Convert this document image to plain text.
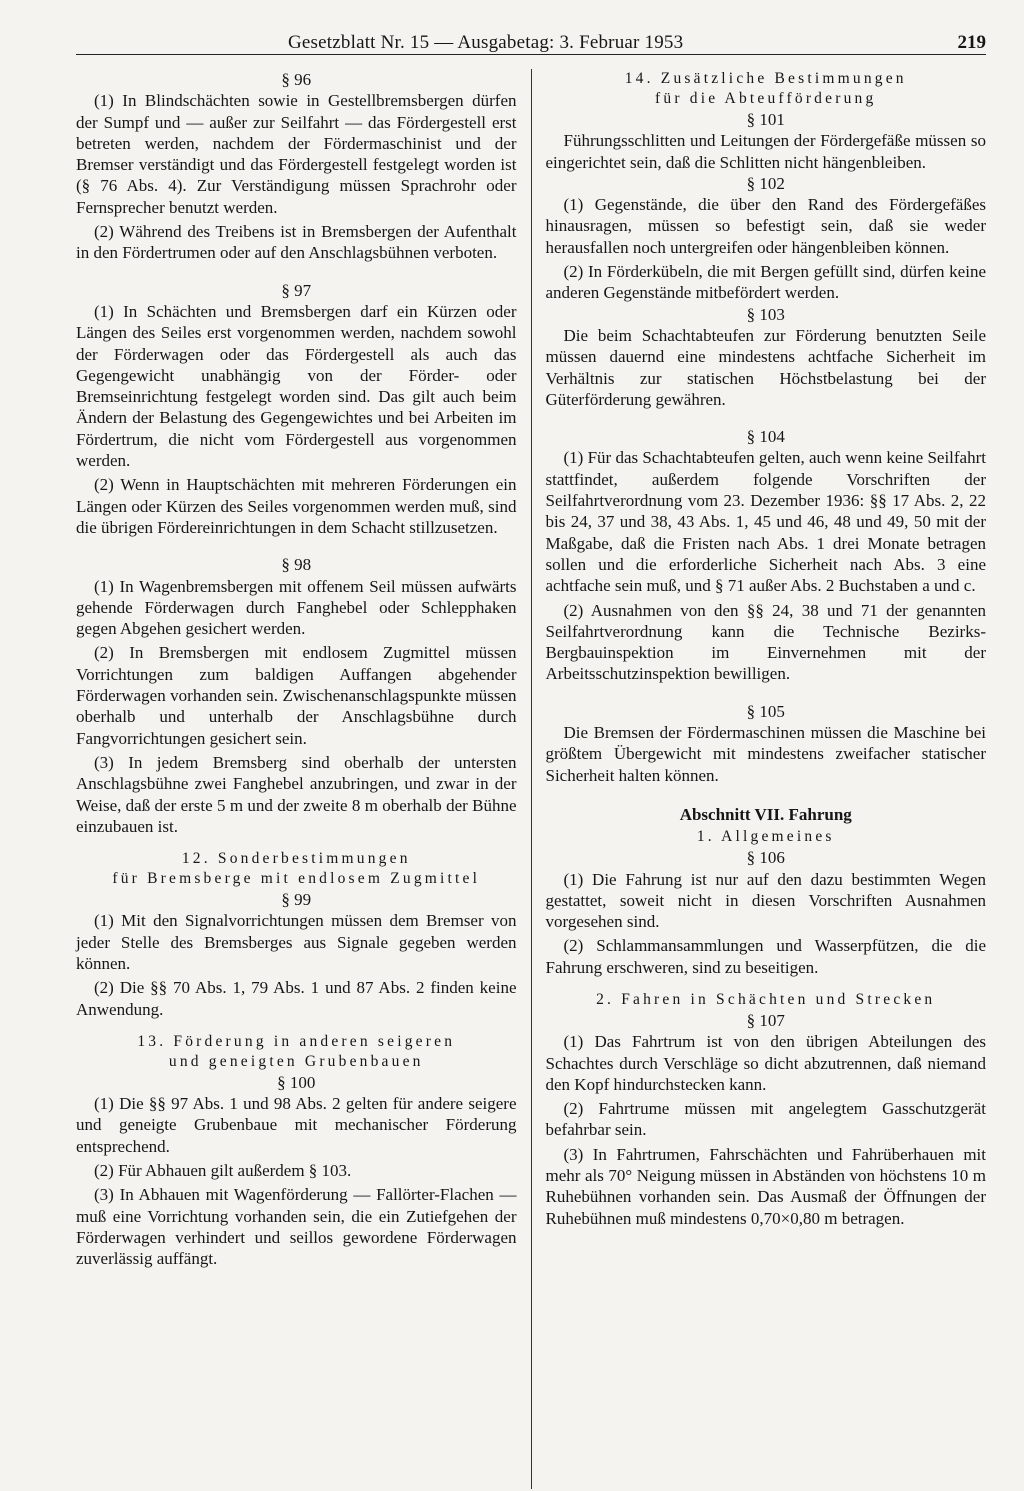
Gesetzblatt Nr. 15 — Ausgabetag: 3. Februar 1953	219
§ 96

(1) In Blindschächten sowie in Gestellbremsbergen dürfen der Sumpf und — außer zur Seilfahrt — das Fördergestell erst betreten werden, nachdem der Fördermaschinist und der Bremser verständigt und das Fördergestell festgelegt worden ist (§ 76 Abs. 4). Zur Verständigung müssen Sprachrohr oder Fernsprecher benutzt werden.

(2) Während des Treibens ist in Bremsbergen der Aufenthalt in den Fördertrumen oder auf den Anschlagsbühnen verboten.

§ 97

(1) In Schächten und Bremsbergen darf ein Kürzen oder Längen des Seiles erst vorgenommen werden, nachdem sowohl der Förderwagen oder das Fördergestell als auch das Gegengewicht unabhängig von der Förder- oder Bremseinrichtung festgelegt worden sind. Das gilt auch beim Ändern der Belastung des Gegengewichtes und bei Arbeiten im Fördertrum, die nicht vom Fördergestell aus vorgenommen werden.

(2) Wenn in Hauptschächten mit mehreren Förderungen ein Längen oder Kürzen des Seiles vorgenommen werden muß, sind die übrigen Fördereinrichtungen in dem Schacht stillzusetzen.

§ 98

(1) In Wagenbremsbergen mit offenem Seil müssen aufwärts gehende Förderwagen durch Fanghebel oder Schlepphaken gegen Abgehen gesichert werden.

(2) In Bremsbergen mit endlosem Zugmittel müssen Vorrichtungen zum baldigen Auffangen abgehender Förderwagen vorhanden sein. Zwischenanschlagspunkte müssen oberhalb und unterhalb der Anschlagsbühne durch Fangvorrichtungen gesichert sein.

(3) In jedem Bremsberg sind oberhalb der untersten Anschlagsbühne zwei Fanghebel anzubringen, und zwar in der Weise, daß der erste 5 m und der zweite 8 m oberhalb der Bühne einzubauen ist.

12. Sonderbestimmungen
für Bremsberge mit endlosem Zugmittel
§ 99

(1) Mit den Signalvorrichtungen müssen dem Bremser von jeder Stelle des Bremsberges aus Signale gegeben werden können.

(2) Die §§ 70 Abs. 1, 79 Abs. 1 und 87 Abs. 2 finden keine Anwendung.

13. Förderung in anderen seigeren
und geneigten Grubenbauen
§ 100

(1) Die §§ 97 Abs. 1 und 98 Abs. 2 gelten für andere seigere und geneigte Grubenbaue mit mechanischer Förderung entsprechend.

(2) Für Abhauen gilt außerdem § 103.

(3) In Abhauen mit Wagenförderung — Fallörter-Flachen — muß eine Vorrichtung vorhanden sein, die ein Zutiefgehen der Förderwagen verhindert und seillos gewordene Förderwagen zuverlässig auffängt.

14. Zusätzliche Bestimmungen
für die Abteufförderung
§ 101

Führungsschlitten und Leitungen der Fördergefäße müssen so eingerichtet sein, daß die Schlitten nicht hängenbleiben.

§ 102

(1) Gegenstände, die über den Rand des Fördergefäßes hinausragen, müssen so befestigt sein, daß sie weder herausfallen noch untergreifen oder hängenbleiben können.

(2) In Förderkübeln, die mit Bergen gefüllt sind, dürfen keine anderen Gegenstände mitbefördert werden.

§ 103

Die beim Schachtabteufen zur Förderung benutzten Seile müssen dauernd eine mindestens achtfache Sicherheit im Verhältnis zur statischen Höchstbelastung bei der Güterförderung gewähren.

§ 104

(1) Für das Schachtabteufen gelten, auch wenn keine Seilfahrt stattfindet, außerdem folgende Vorschriften der Seilfahrtverordnung vom 23. Dezember 1936: §§ 17 Abs. 2, 22 bis 24, 37 und 38, 43 Abs. 1, 45 und 46, 48 und 49, 50 mit der Maßgabe, daß die Fristen nach Abs. 1 drei Monate betragen sollen und die erforderliche Sicherheit nach Abs. 3 eine achtfache sein muß, und § 71 außer Abs. 2 Buchstaben a und c.

(2) Ausnahmen von den §§ 24, 38 und 71 der genannten Seilfahrtverordnung kann die Technische Bezirks-Bergbauinspektion im Einvernehmen mit der Arbeitsschutzinspektion bewilligen.

§ 105

Die Bremsen der Fördermaschinen müssen die Maschine bei größtem Übergewicht mit mindestens zweifacher statischer Sicherheit halten können.

Abschnitt VII. Fahrung
1. Allgemeines
§ 106

(1) Die Fahrung ist nur auf den dazu bestimmten Wegen gestattet, soweit nicht in diesen Vorschriften Ausnahmen vorgesehen sind.

(2) Schlammansammlungen und Wasserpfützen, die die Fahrung erschweren, sind zu beseitigen.

2. Fahren in Schächten und Strecken
§ 107

(1) Das Fahrtrum ist von den übrigen Abteilungen des Schachtes durch Verschläge so dicht abzutrennen, daß niemand den Kopf hindurchstecken kann.

(2) Fahrtrume müssen mit angelegtem Gasschutzgerät befahrbar sein.

(3) In Fahrtrumen, Fahrschächten und Fahrüberhauen mit mehr als 70° Neigung müssen in Abständen von höchstens 10 m Ruhebühnen vorhanden sein. Das Ausmaß der Öffnungen der Ruhebühnen muß mindestens 0,70×0,80 m betragen.
